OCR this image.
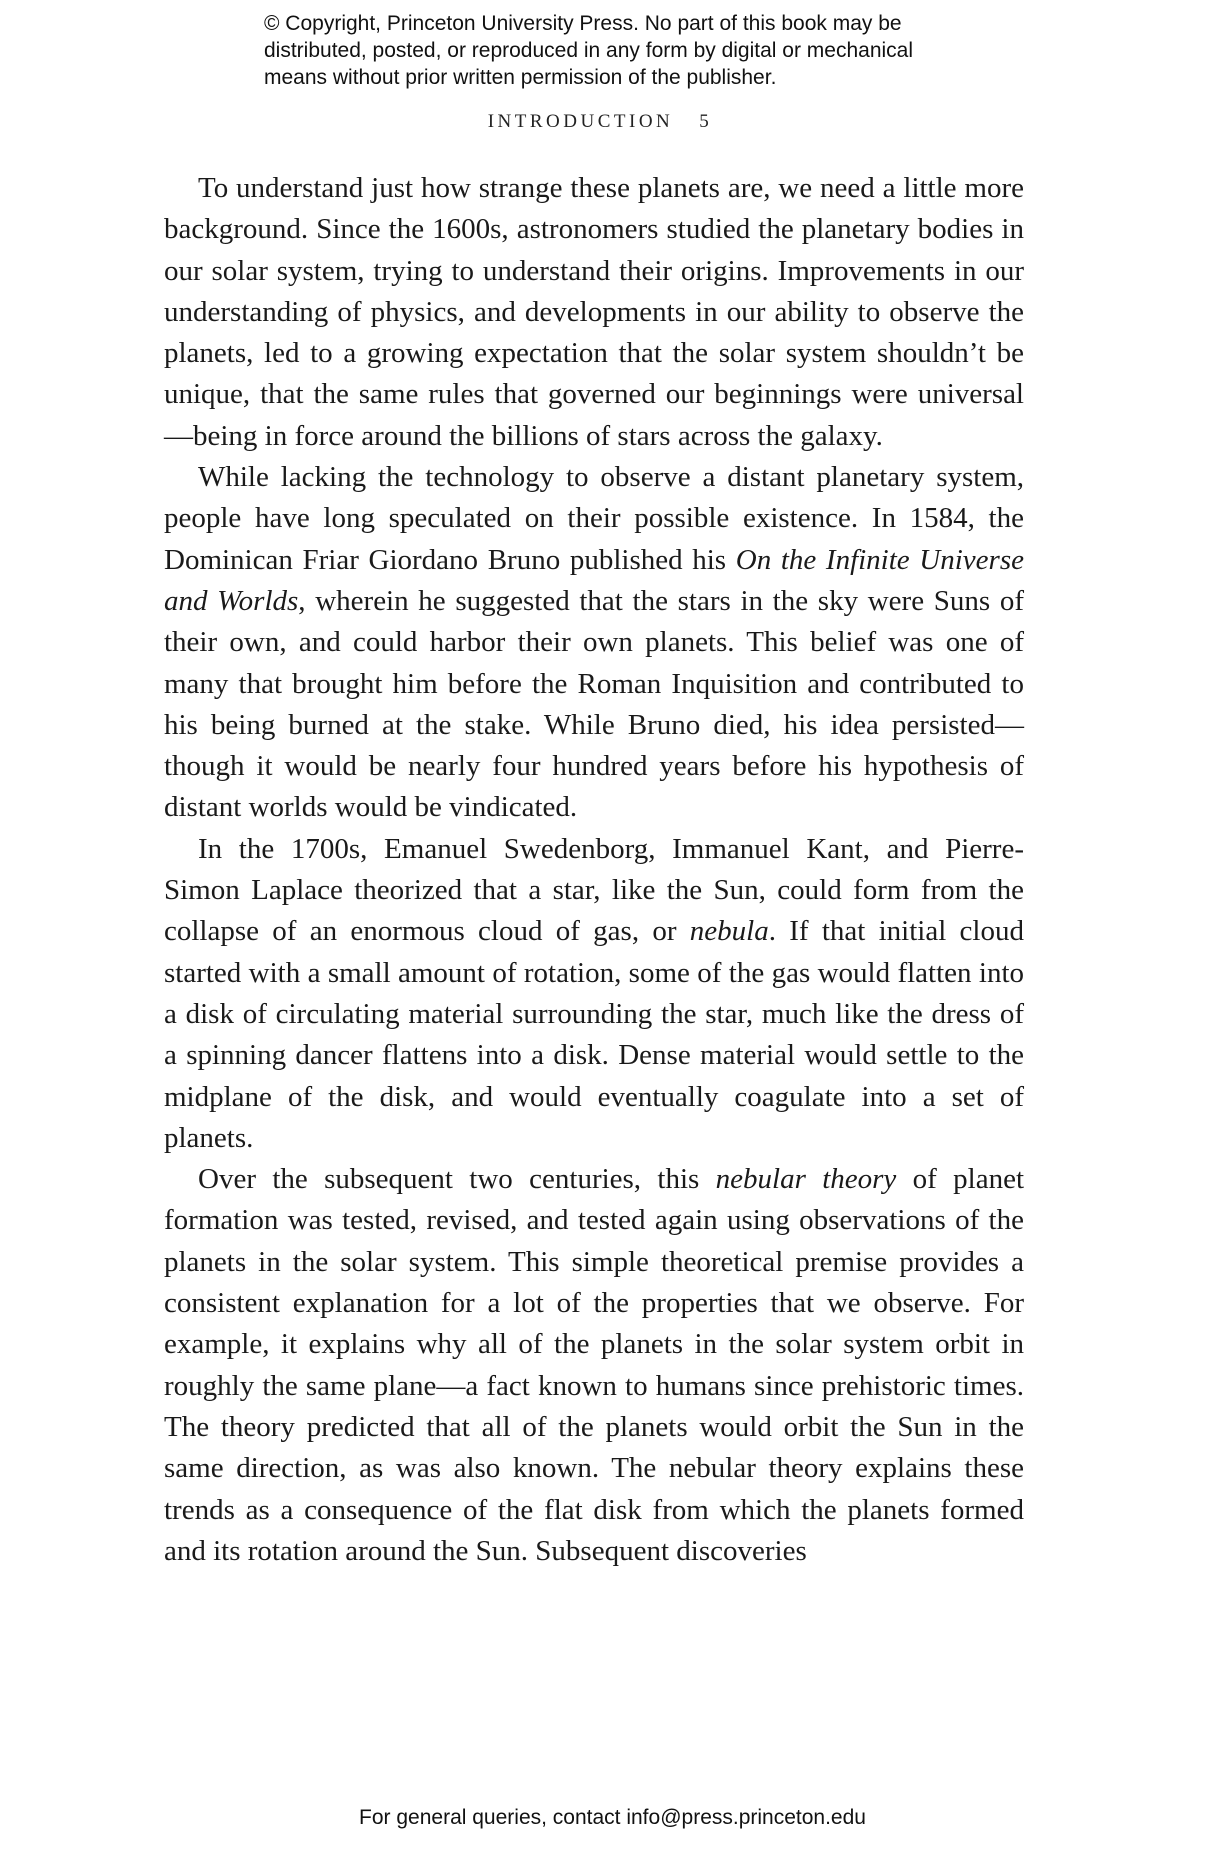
© Copyright, Princeton University Press. No part of this book may be
distributed, posted, or reproduced in any form by digital or mechanical
means without prior written permission of the publisher.
INTRODUCTION 5

To understand just how strange these planets are, we need a little more background. Since the 1600s, astronomers studied the planetary bodies in our solar system, trying to understand their origins. Improvements in our understanding of physics, and developments in our ability to observe the planets, led to a growing expectation that the solar system shouldn’t be unique, that the same rules that governed our beginnings were universal—being in force around the billions of stars across the galaxy.

While lacking the technology to observe a distant planetary system, people have long speculated on their possible existence. In 1584, the Dominican Friar Giordano Bruno published his On the Infinite Universe and Worlds, wherein he suggested that the stars in the sky were Suns of their own, and could harbor their own planets. This belief was one of many that brought him before the Roman Inquisition and contributed to his being burned at the stake. While Bruno died, his idea persisted—though it would be nearly four hundred years before his hypothesis of distant worlds would be vindicated.

In the 1700s, Emanuel Swedenborg, Immanuel Kant, and Pierre-Simon Laplace theorized that a star, like the Sun, could form from the collapse of an enormous cloud of gas, or nebula. If that initial cloud started with a small amount of rotation, some of the gas would flatten into a disk of circulating material surrounding the star, much like the dress of a spinning dancer flattens into a disk. Dense material would settle to the midplane of the disk, and would eventually coagulate into a set of planets.

Over the subsequent two centuries, this nebular theory of planet formation was tested, revised, and tested again using observations of the planets in the solar system. This simple theoretical premise provides a consistent explanation for a lot of the properties that we observe. For example, it explains why all of the planets in the solar system orbit in roughly the same plane—a fact known to humans since prehistoric times. The theory predicted that all of the planets would orbit the Sun in the same direction, as was also known. The nebular theory explains these trends as a consequence of the flat disk from which the planets formed and its rotation around the Sun. Subsequent discoveries

For general queries, contact info@press.princeton.edu
